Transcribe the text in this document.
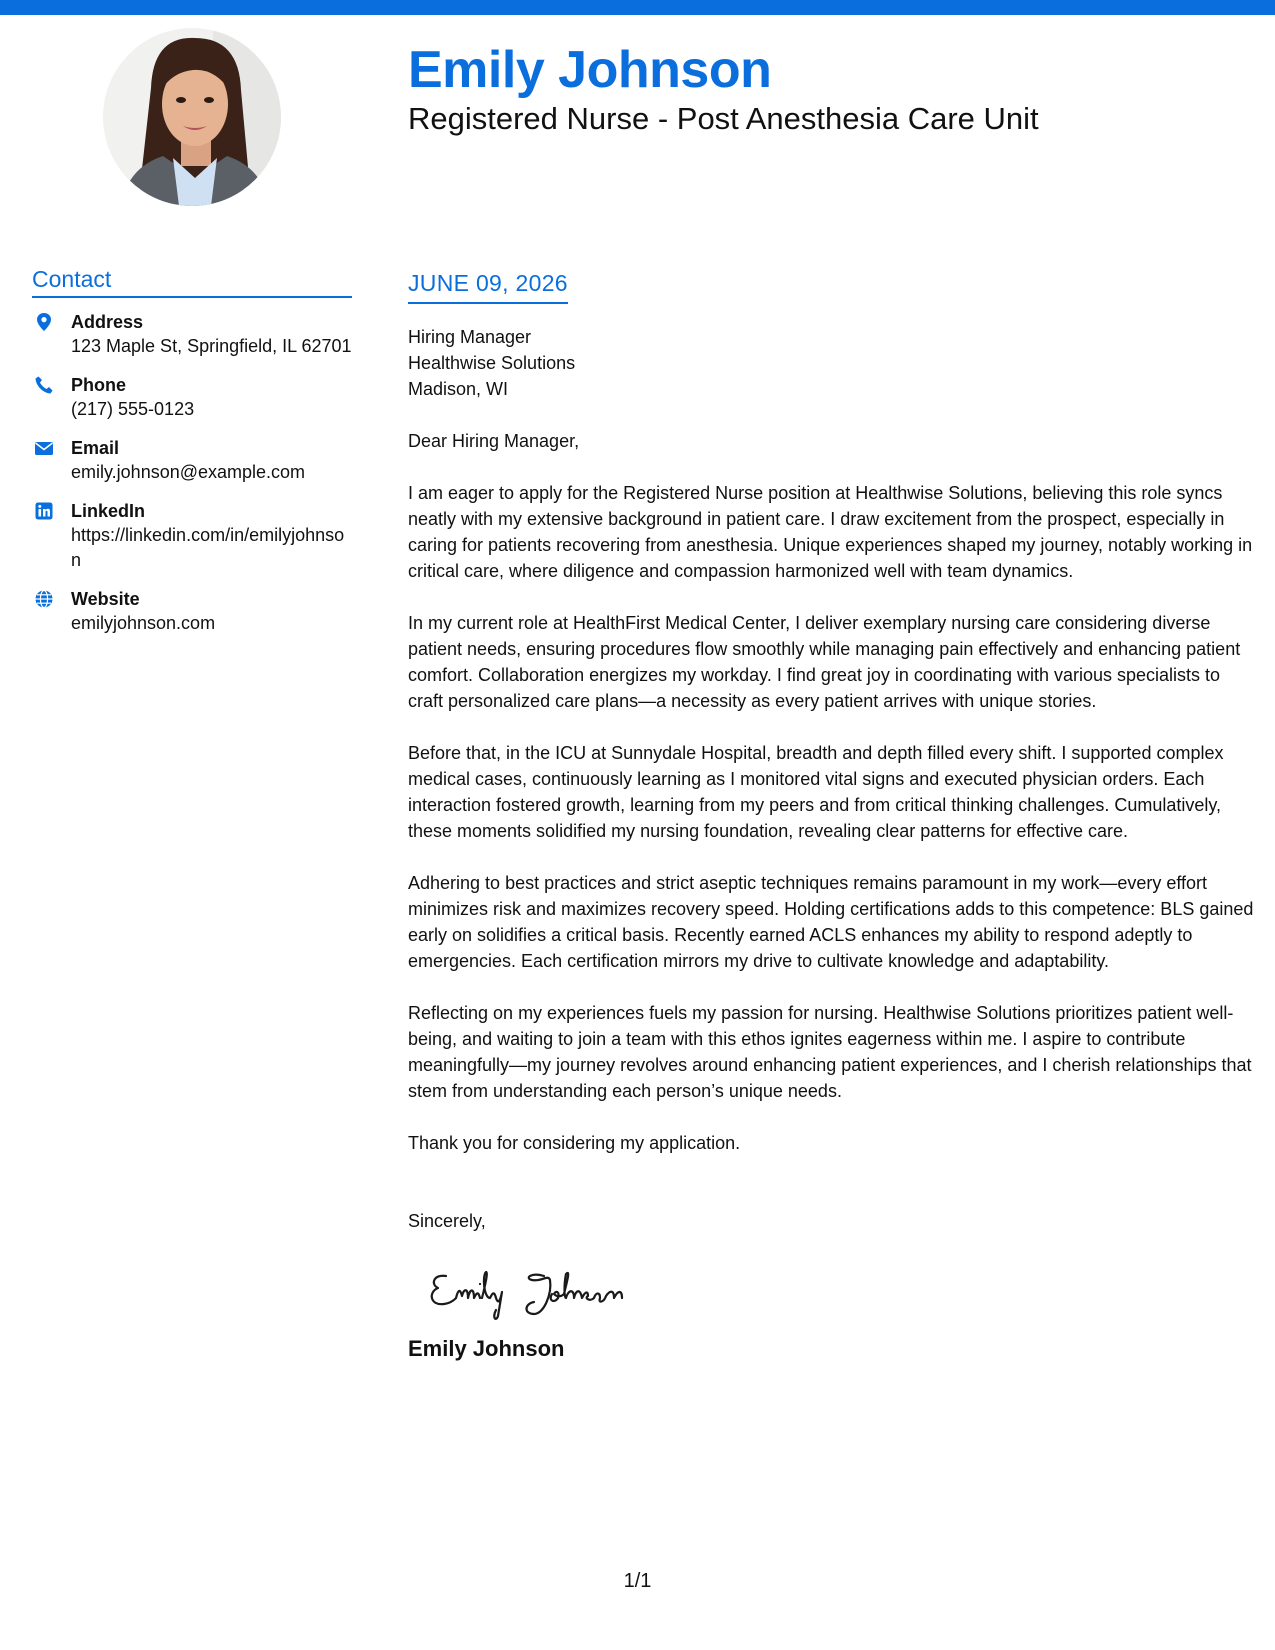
Emily Johnson
Registered Nurse - Post Anesthesia Care Unit
Contact
Address
123 Maple St, Springfield, IL 62701
Phone
(217) 555-0123
Email
emily.johnson@example.com
LinkedIn
https://linkedin.com/in/emilyjohnson
Website
emilyjohnson.com
JUNE 09, 2026
Hiring Manager
Healthwise Solutions
Madison, WI
Dear Hiring Manager,
I am eager to apply for the Registered Nurse position at Healthwise Solutions, believing this role syncs neatly with my extensive background in patient care. I draw excitement from the prospect, especially in caring for patients recovering from anesthesia. Unique experiences shaped my journey, notably working in critical care, where diligence and compassion harmonized well with team dynamics.
In my current role at HealthFirst Medical Center, I deliver exemplary nursing care considering diverse patient needs, ensuring procedures flow smoothly while managing pain effectively and enhancing patient comfort. Collaboration energizes my workday. I find great joy in coordinating with various specialists to craft personalized care plans—a necessity as every patient arrives with unique stories.
Before that, in the ICU at Sunnydale Hospital, breadth and depth filled every shift. I supported complex medical cases, continuously learning as I monitored vital signs and executed physician orders. Each interaction fostered growth, learning from my peers and from critical thinking challenges. Cumulatively, these moments solidified my nursing foundation, revealing clear patterns for effective care.
Adhering to best practices and strict aseptic techniques remains paramount in my work—every effort minimizes risk and maximizes recovery speed. Holding certifications adds to this competence: BLS gained early on solidifies a critical basis. Recently earned ACLS enhances my ability to respond adeptly to emergencies. Each certification mirrors my drive to cultivate knowledge and adaptability.
Reflecting on my experiences fuels my passion for nursing. Healthwise Solutions prioritizes patient well-being, and waiting to join a team with this ethos ignites eagerness within me. I aspire to contribute meaningfully—my journey revolves around enhancing patient experiences, and I cherish relationships that stem from understanding each person’s unique needs.
Thank you for considering my application.
Sincerely,
Emily Johnson
1/1
